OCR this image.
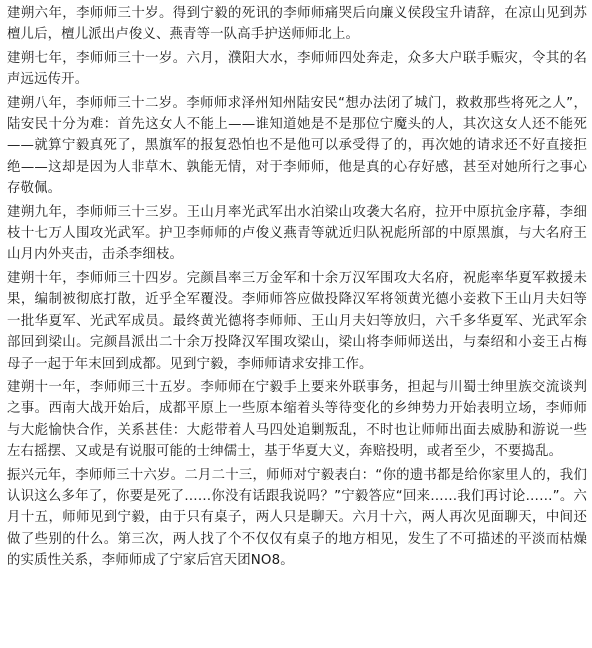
建朔六年，李师师三十岁。得到宁毅的死讯的李师师痛哭后向廉义侯段宝升请辞，在凉山见到苏檀儿后，檀儿派出卢俊义、燕青等一队高手护送师师北上。

建朔七年，李师师三十一岁。六月，濮阳大水，李师师四处奔走，众多大户联手赈灾，令其的名声远远传开。

建朔八年，李师师三十二岁。李师师求泽州知州陆安民“想办法闭了城门，救救那些将死之人”，陆安民十分为难：首先这女人不能上——谁知道她是不是那位宁魔头的人，其次这女人还不能死——就算宁毅真死了，黑旗军的报复恐怕也不是他可以承受得了的，再次她的请求还不好直接拒绝——这却是因为人非草木、孰能无情，对于李师师，他是真的心存好感，甚至对她所行之事心存敬佩。

建朔九年，李师师三十三岁。王山月率光武军出水泊梁山攻袭大名府，拉开中原抗金序幕，李细枝十七万人围攻光武军。护卫李师师的卢俊义燕青等就近归队祝彪所部的中原黑旗，与大名府王山月内外夹击，击杀李细枝。

建朔十年，李师师三十四岁。完颜昌率三万金军和十余万汉军围攻大名府，祝彪率华夏军救援未果，编制被彻底打散，近乎全军覆没。李师师答应做投降汉军将领黄光德小妾救下王山月夫妇等一批华夏军、光武军成员。最终黄光德将李师师、王山月夫妇等放归，六千多华夏军、光武军余部回到梁山。完颜昌派出二十余万投降汉军围攻梁山，梁山将李师师送出，与秦绍和小妾王占梅母子一起于年末回到成都。见到宁毅，李师师请求安排工作。

建朔十一年，李师师三十五岁。李师师在宁毅手上要来外联事务，担起与川蜀士绅里族交流谈判之事。西南大战开始后，成都平原上一些原本缩着头等待变化的乡绅势力开始表明立场，李师师与大彪愉快合作，关系甚佳：大彪带着人马四处追剿叛乱，不时也让师师出面去威胁和游说一些左右摇摆、又或是有说服可能的士绅儒士，基于华夏大义，奔赔投明，或者至少，不要捣乱。

振兴元年，李师师三十六岁。二月二十三，师师对宁毅表白：“你的遗书都是给你家里人的，我们认识这么多年了，你要是死了……你没有话跟我说吗？”宁毅答应“回来……我们再讨论……”。六月十五，师师见到宁毅，由于只有桌子，两人只是聊天。六月十六，两人再次见面聊天，中间还做了些别的什么。第三次，两人找了个不仅仅有桌子的地方相见，发生了不可描述的平淡而枯燥的实质性关系，李师师成了宁家后宫天团NO8。
